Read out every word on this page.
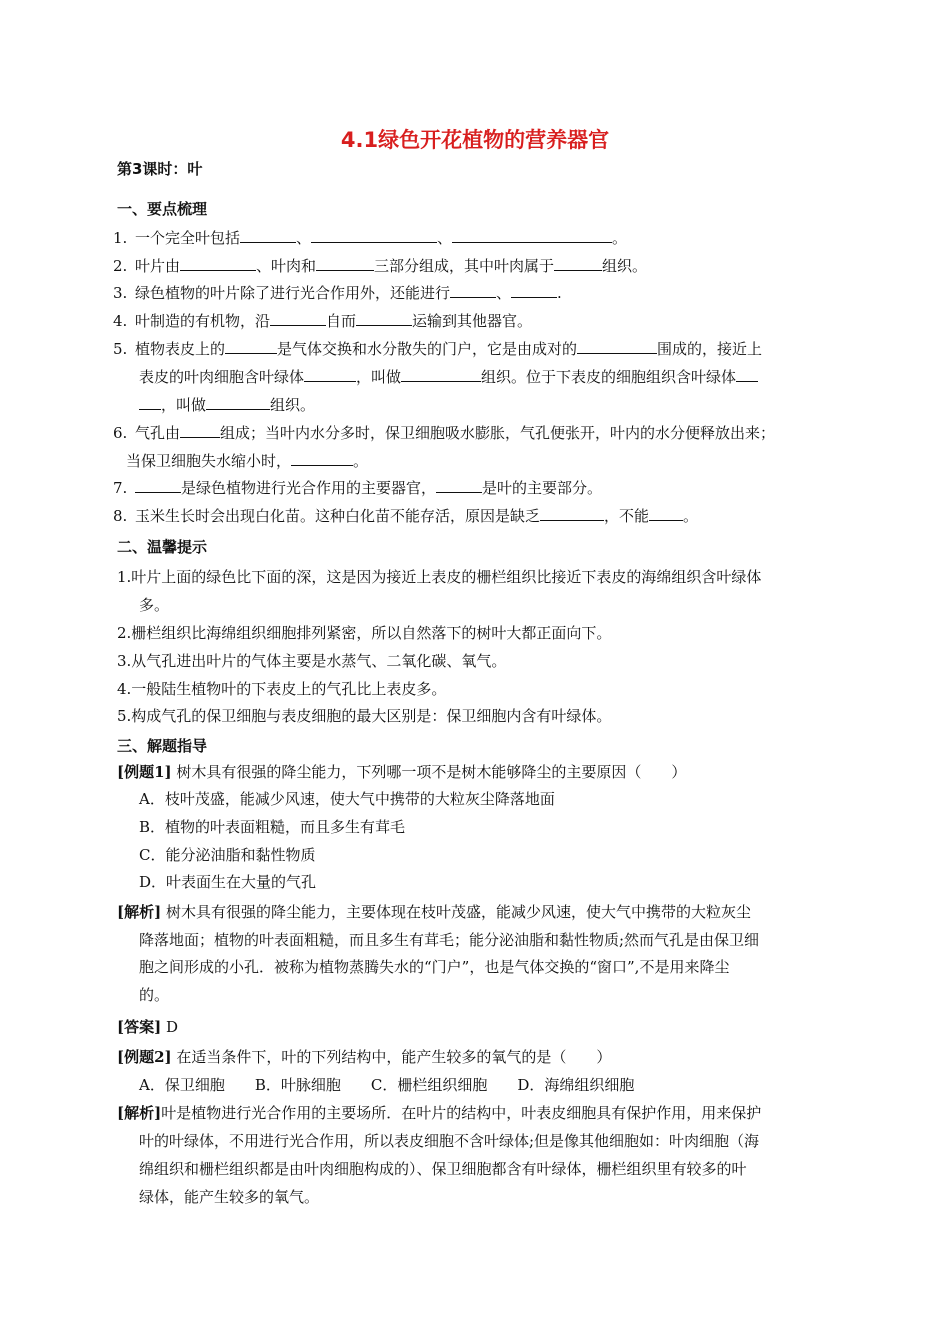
4.1绿色开花植物的营养器官
第3课时：叶
一、要点梳理
1. 一个完全叶包括	、	、	。
2. 叶片由	、叶肉和	三部分组成，其中叶肉属于	组织。
3. 绿色植物的叶片除了进行光合作用外，还能进行	、	.
4. 叶制造的有机物，沿	自而	运输到其他器官。
5. 植物表皮上的	是气体交换和水分散失的门户，它是由成对的	围成的，接近上
表皮的叶肉细胞含叶绿体	，叫做	组织。位于下表皮的细胞组织含叶绿体
，叫做	组织。
6. 气孔由	组成；当叶内水分多时，保卫细胞吸水膨胀，气孔便张开，叶内的水分便释放出来；
当保卫细胞失水缩小时，	。
7.	是绿色植物进行光合作用的主要器官，	是叶的主要部分。
8. 玉米生长时会出现白化苗。这种白化苗不能存活，原因是缺乏	，不能 。
二、温馨提示
1.叶片上面的绿色比下面的深，这是因为接近上表皮的栅栏组织比接近下表皮的海绵组织含叶绿体
多。
2.栅栏组织比海绵组织细胞排列紧密，所以自然落下的树叶大都正面向下。
3.从气孔进出叶片的气体主要是水蒸气、二氧化碳、氧气。
4.一般陆生植物叶的下表皮上的气孔比上表皮多。
5.构成气孔的保卫细胞与表皮细胞的最大区别是：保卫细胞内含有叶绿体。
三、解题指导
[例题1] 树木具有很强的降尘能力，下列哪一项不是树木能够降尘的主要原因（　　）
A．枝叶茂盛，能减少风速，使大气中携带的大粒灰尘降落地面
B．植物的叶表面粗糙，而且多生有茸毛
C．能分泌油脂和黏性物质
D．叶表面生在大量的气孔
[解析] 树木具有很强的降尘能力，主要体现在枝叶茂盛，能减少风速，使大气中携带的大粒灰尘
降落地面；植物的叶表面粗糙，而且多生有茸毛；能分泌油脂和黏性物质;然而气孔是由保卫细
胞之间形成的小孔．被称为植物蒸腾失水的“门户”，也是气体交换的“窗口”,不是用来降尘
的。
[答案] D
[例题2] 在适当条件下，叶的下列结构中，能产生较多的氧气的是（　　）
A．保卫细胞　　B．叶脉细胞　　C．栅栏组织细胞　　D．海绵组织细胞
[解析]叶是植物进行光合作用的主要场所．在叶片的结构中，叶表皮细胞具有保护作用，用来保护
叶的叶绿体，不用进行光合作用，所以表皮细胞不含叶绿体;但是像其他细胞如：叶肉细胞（海
绵组织和栅栏组织都是由叶肉细胞构成的）、保卫细胞都含有叶绿体，栅栏组织里有较多的叶
绿体，能产生较多的氧气。
